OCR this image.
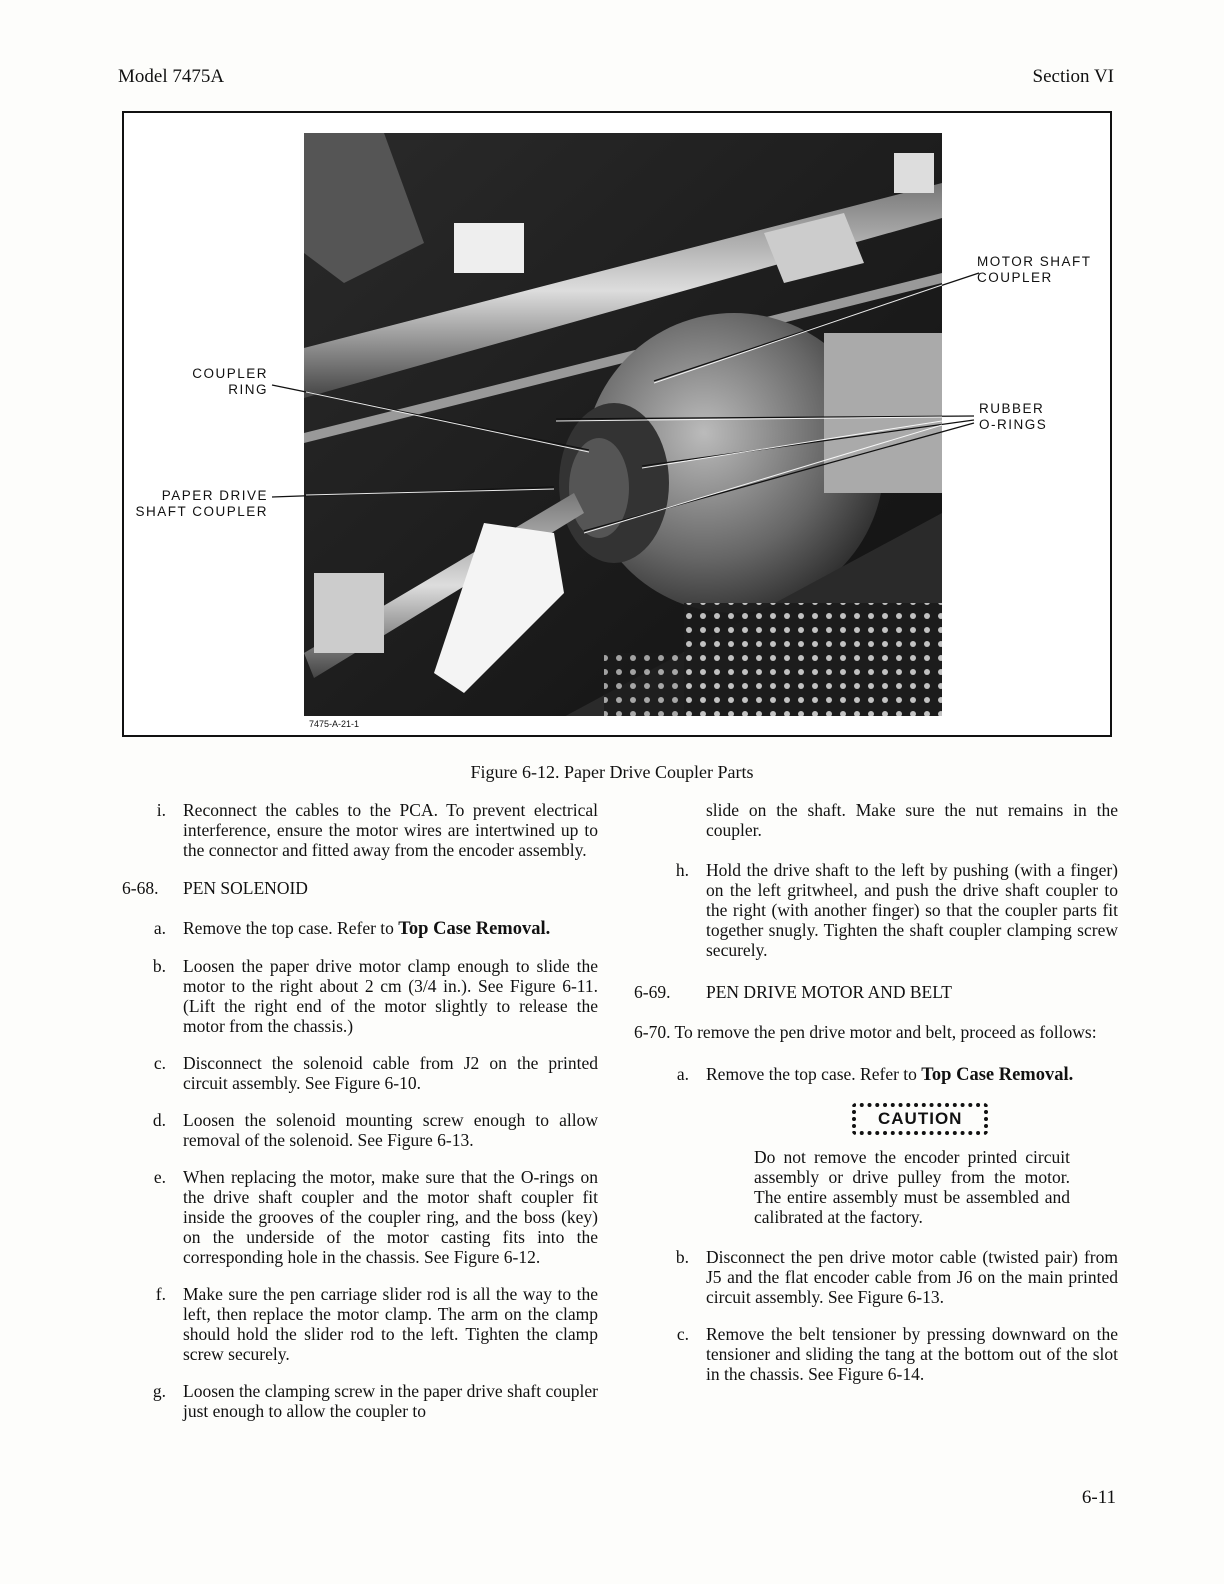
Model 7475A	Section VI
7475-A-21-1
MOTOR SHAFT
COUPLER
COUPLER
RING
RUBBER
O-RINGS
PAPER DRIVE
SHAFT COUPLER
Figure 6-12. Paper Drive Coupler Parts
i. Reconnect the cables to the PCA. To prevent electrical interference, ensure the motor wires are intertwined up to the connector and fitted away from the encoder assembly.
6-68.	PEN SOLENOID
a. Remove the top case. Refer to Top Case Removal.
b. Loosen the paper drive motor clamp enough to slide the motor to the right about 2 cm (3/4 in.). See Figure 6-11. (Lift the right end of the motor slightly to release the motor from the chassis.)
c. Disconnect the solenoid cable from J2 on the printed circuit assembly. See Figure 6-10.
d. Loosen the solenoid mounting screw enough to allow removal of the solenoid. See Figure 6-13.
e. When replacing the motor, make sure that the O-rings on the drive shaft coupler and the motor shaft coupler fit inside the grooves of the coupler ring, and the boss (key) on the underside of the motor casting fits into the corresponding hole in the chassis. See Figure 6-12.
f. Make sure the pen carriage slider rod is all the way to the left, then replace the motor clamp. The arm on the clamp should hold the slider rod to the left. Tighten the clamp screw securely.
g. Loosen the clamping screw in the paper drive shaft coupler just enough to allow the coupler to
slide on the shaft. Make sure the nut remains in the coupler.
h. Hold the drive shaft to the left by pushing (with a finger) on the left gritwheel, and push the drive shaft coupler to the right (with another finger) so that the coupler parts fit together snugly. Tighten the shaft coupler clamping screw securely.
6-69.	PEN DRIVE MOTOR AND BELT
6-70. To remove the pen drive motor and belt, proceed as follows:
a. Remove the top case. Refer to Top Case Removal.
CAUTION
Do not remove the encoder printed circuit assembly or drive pulley from the motor. The entire assembly must be assembled and calibrated at the factory.
b. Disconnect the pen drive motor cable (twisted pair) from J5 and the flat encoder cable from J6 on the main printed circuit assembly. See Figure 6-13.
c. Remove the belt tensioner by pressing downward on the tensioner and sliding the tang at the bottom out of the slot in the chassis. See Figure 6-14.
6-11
